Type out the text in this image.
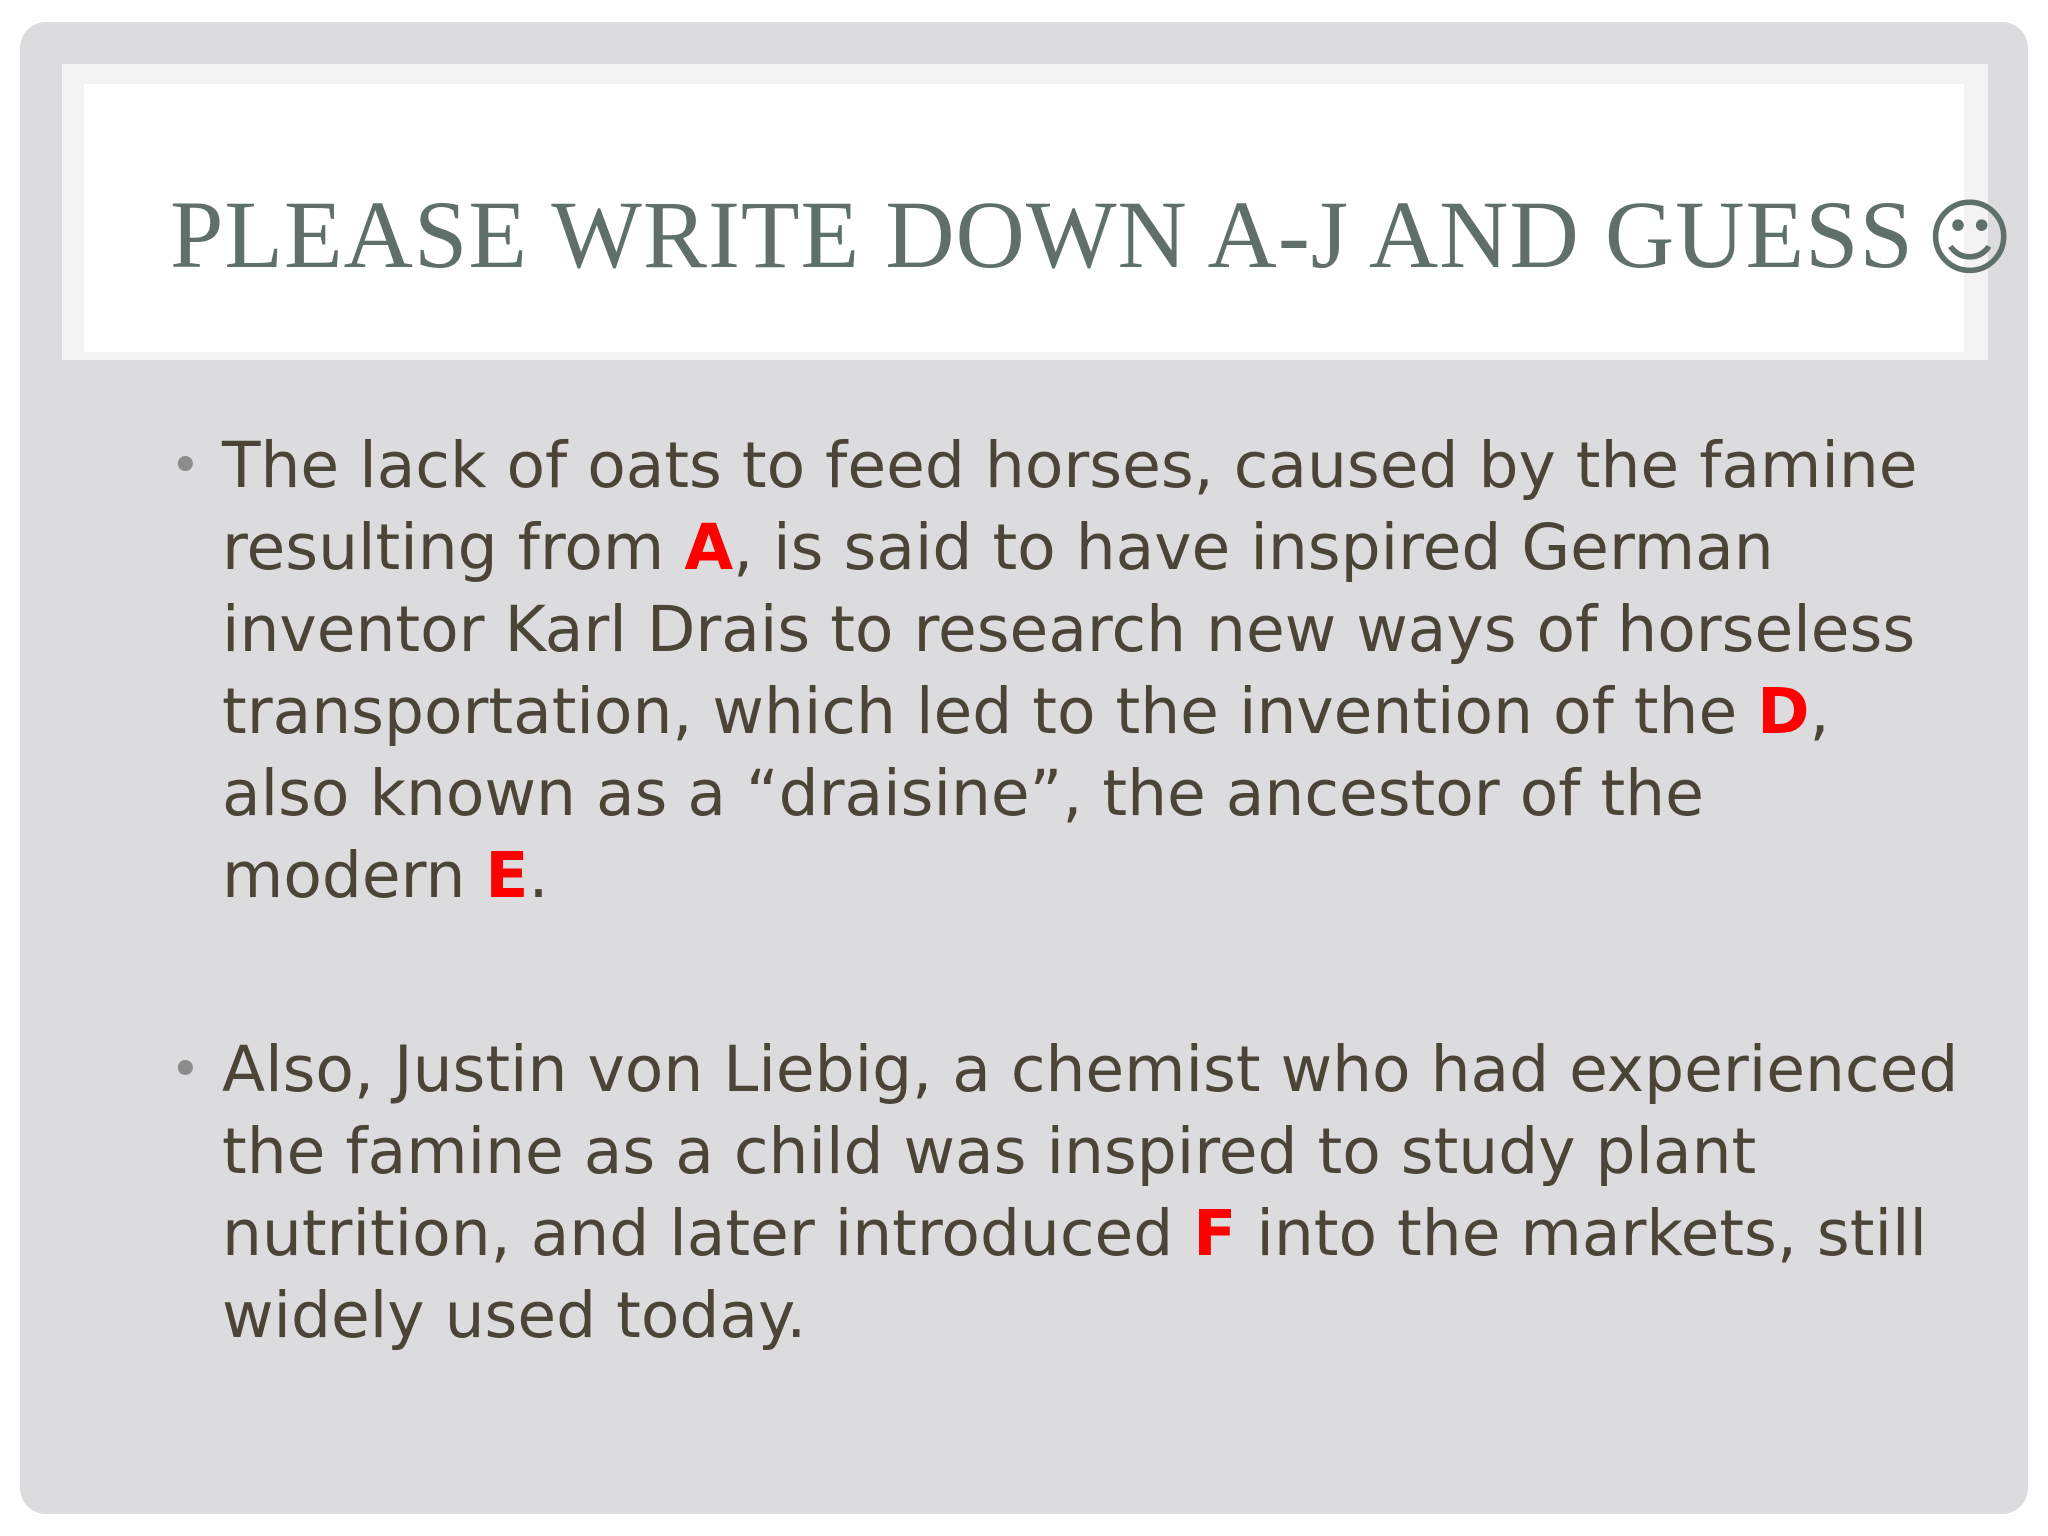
PLEASE WRITE DOWN A-J AND GUESS ☺
• The lack of oats to feed horses, caused by the famine resulting from A, is said to have inspired German inventor Karl Drais to research new ways of horseless transportation, which led to the invention of the D, also known as a “draisine”, the ancestor of the modern E.
• Also, Justin von Liebig, a chemist who had experienced the famine as a child was inspired to study plant nutrition, and later introduced F into the markets, still widely used today.
